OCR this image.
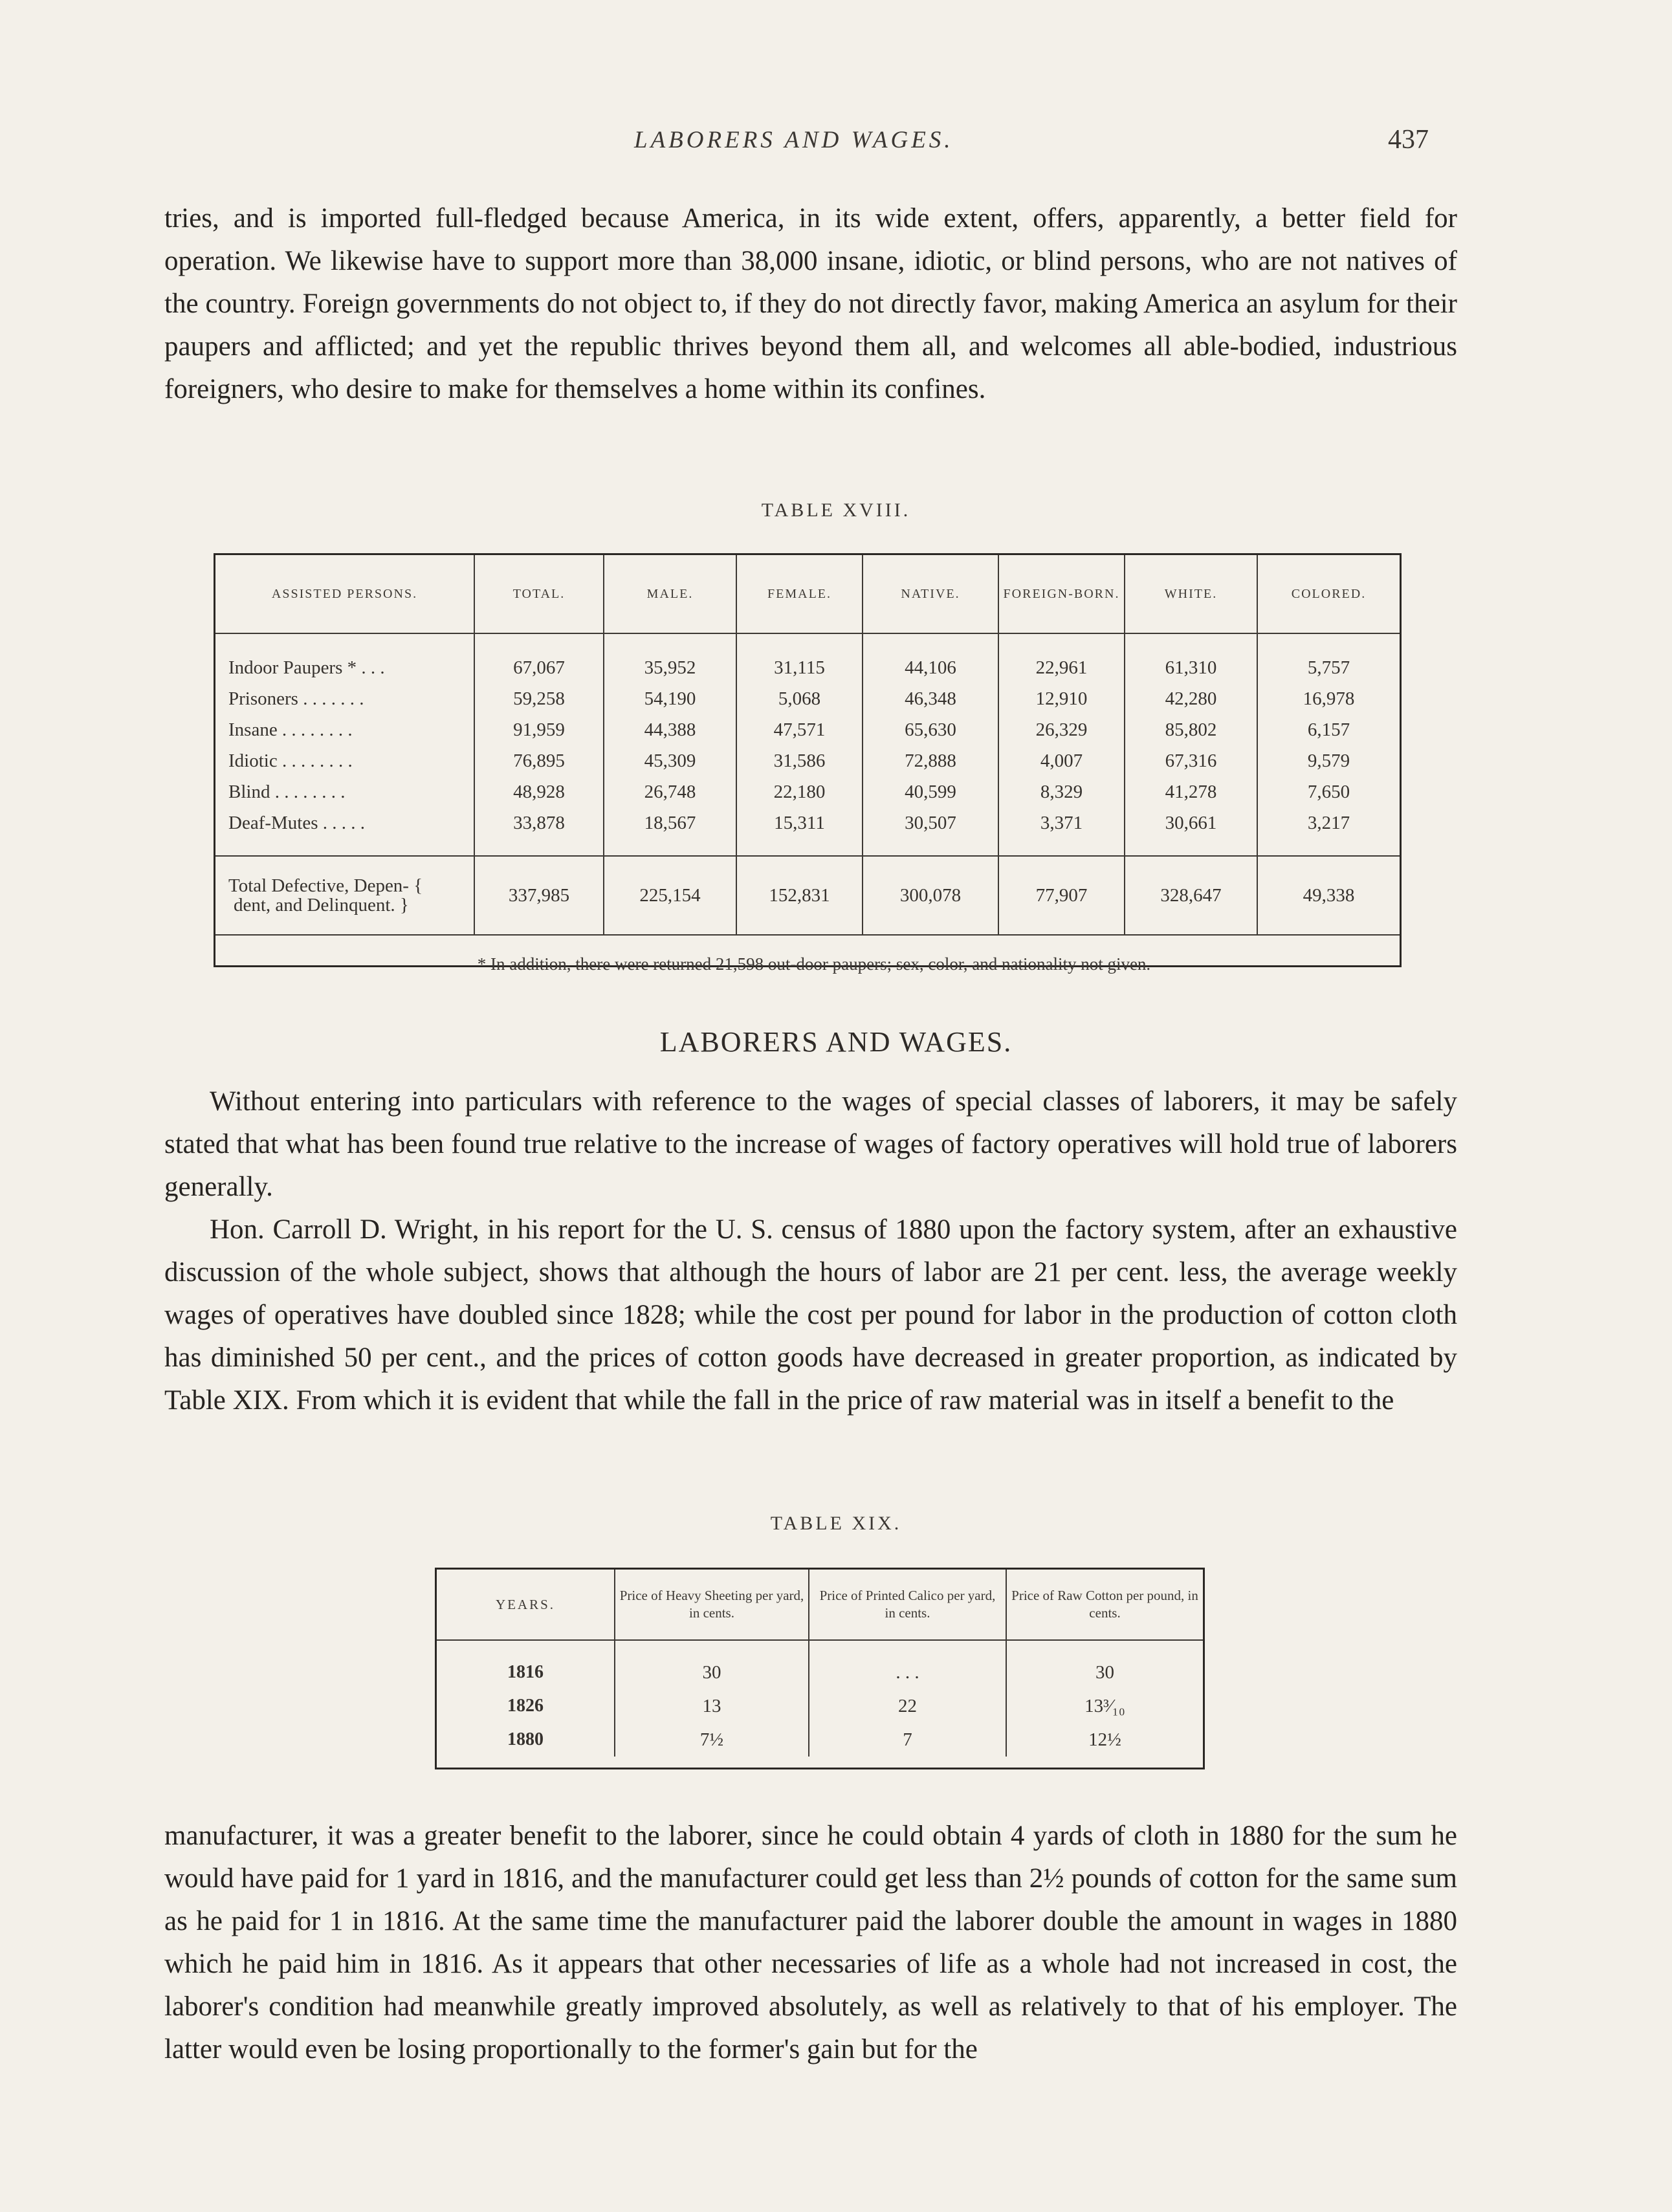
LABORERS AND WAGES.	437

tries, and is imported full-fledged because America, in its wide extent, offers, apparently, a better field for operation. We likewise have to support more than 38,000 insane, idiotic, or blind persons, who are not natives of the country. Foreign governments do not object to, if they do not directly favor, making America an asylum for their paupers and afflicted; and yet the republic thrives beyond them all, and welcomes all able-bodied, industrious foreigners, who desire to make for themselves a home within its confines.

TABLE XVIII.
ASSISTED PERSONS.	TOTAL.	MALE.	FEMALE.	NATIVE.	FOREIGN-BORN.	WHITE.	COLORED.
Indoor Paupers * . . .	67,067	35,952	31,115	44,106	22,961	61,310	5,757
Prisoners . . . . . . .	59,258	54,190	5,068	46,348	12,910	42,280	16,978
Insane . . . . . . . .	91,959	44,388	47,571	65,630	26,329	85,802	6,157
Idiotic . . . . . . . .	76,895	45,309	31,586	72,888	4,007	67,316	9,579
Blind . . . . . . . .	48,928	26,748	22,180	40,599	8,329	41,278	7,650
Deaf-Mutes . . . . .	33,878	18,567	15,311	30,507	3,371	30,661	3,217

Total Defective, Depen- {
dent, and Delinquent. }	337,985	225,154	152,831	300,078	77,907	328,647	49,338
* In addition, there were returned 21,598 out-door paupers; sex, color, and nationality not given.							
LABORERS AND WAGES.

Without entering into particulars with reference to the wages of special classes of laborers, it may be safely stated that what has been found true relative to the increase of wages of factory operatives will hold true of laborers generally.

Hon. Carroll D. Wright, in his report for the U. S. census of 1880 upon the factory system, after an exhaustive discussion of the whole subject, shows that although the hours of labor are 21 per cent. less, the average weekly wages of operatives have doubled since 1828; while the cost per pound for labor in the production of cotton cloth has diminished 50 per cent., and the prices of cotton goods have decreased in greater proportion, as indicated by Table XIX. From which it is evident that while the fall in the price of raw material was in itself a benefit to the

TABLE XIX.
YEARS.	Price of Heavy Sheeting per yard, in cents.	Price of Printed Calico per yard, in cents.	Price of Raw Cotton per pound, in cents.
1816	30	. . .	30
1826	13	22	13³⁄₁₀
1880	7½	7	12½

manufacturer, it was a greater benefit to the laborer, since he could obtain 4 yards of cloth in 1880 for the sum he would have paid for 1 yard in 1816, and the manufacturer could get less than 2½ pounds of cotton for the same sum as he paid for 1 in 1816. At the same time the manufacturer paid the laborer double the amount in wages in 1880 which he paid him in 1816. As it appears that other necessaries of life as a whole had not increased in cost, the laborer's condition had meanwhile greatly improved absolutely, as well as relatively to that of his employer. The latter would even be losing proportionally to the former's gain but for the
